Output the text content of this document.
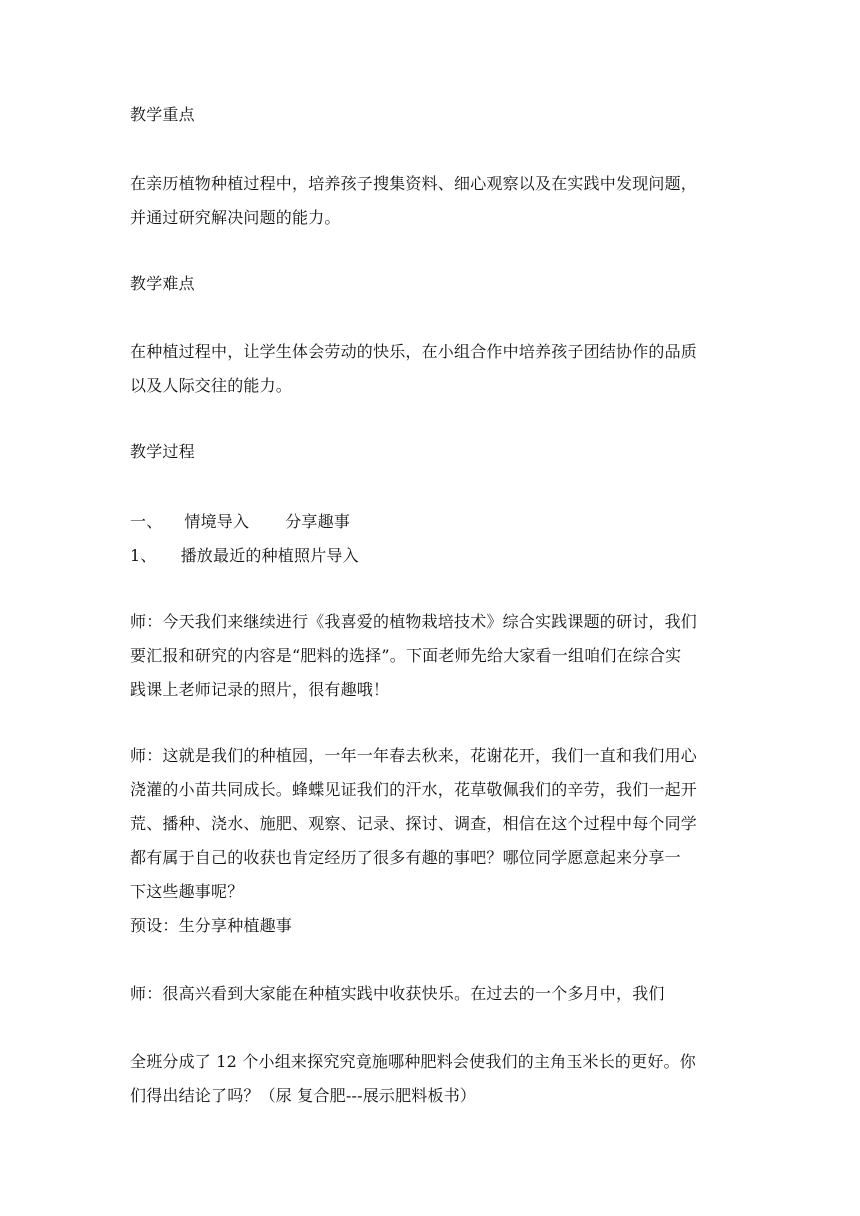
教学重点
在亲历植物种植过程中，培养孩子搜集资料、细心观察以及在实践中发现问题，
并通过研究解决问题的能力。
教学难点
在种植过程中，让学生体会劳动的快乐，在小组合作中培养孩子团结协作的品质
以及人际交往的能力。
教学过程
一、 情境导入 分享趣事
1、 播放最近的种植照片导入
师：今天我们来继续进行《我喜爱的植物栽培技术》综合实践课题的研讨，我们
要汇报和研究的内容是“肥料的选择”。下面老师先给大家看一组咱们在综合实
践课上老师记录的照片，很有趣哦！
师：这就是我们的种植园，一年一年春去秋来，花谢花开，我们一直和我们用心
浇灌的小苗共同成长。蜂蝶见证我们的汗水，花草敬佩我们的辛劳，我们一起开
荒、播种、浇水、施肥、观察、记录、探讨、调查，相信在这个过程中每个同学
都有属于自己的收获也肯定经历了很多有趣的事吧？哪位同学愿意起来分享一
下这些趣事呢？
预设：生分享种植趣事
师：很高兴看到大家能在种植实践中收获快乐。在过去的一个多月中，我们
全班分成了 12 个小组来探究究竟施哪种肥料会使我们的主角玉米长的更好。你
们得出结论了吗？（尿 复合肥---展示肥料板书）
